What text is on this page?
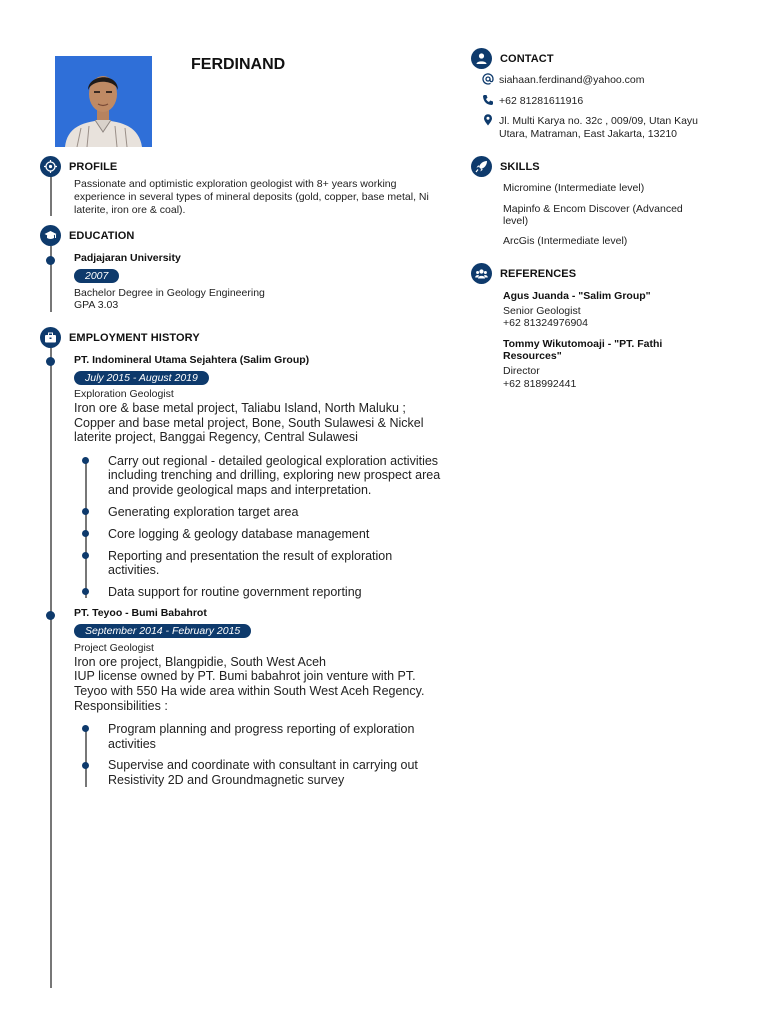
FERDINAND
PROFILE
Passionate and optimistic exploration geologist with 8+ years working
experience in several types of mineral deposits (gold, copper, base metal, Ni
laterite, iron ore & coal).
EDUCATION
Padjajaran University
2007
Bachelor Degree in Geology Engineering
GPA 3.03
EMPLOYMENT HISTORY
PT. Indomineral Utama Sejahtera (Salim Group)
July 2015 - August 2019
Exploration Geologist
Iron ore & base metal project, Taliabu Island, North Maluku ;
Copper and base metal project, Bone, South Sulawesi & Nickel
laterite project, Banggai Regency, Central Sulawesi
Carry out regional - detailed geological exploration activities
including trenching and drilling, exploring new prospect area
and provide geological maps and interpretation.
Generating exploration target area
Core logging & geology database management
Reporting and presentation the result of exploration
activities.
Data support for routine government reporting
PT. Teyoo - Bumi Babahrot
September 2014 - February 2015
Project Geologist
Iron ore project, Blangpidie, South West Aceh
IUP license owned by PT. Bumi babahrot join venture with PT.
Teyoo with 550 Ha wide area within South West Aceh Regency.
Responsibilities :
Program planning and progress reporting of exploration
activities
Supervise and coordinate with consultant in carrying out
Resistivity 2D and Groundmagnetic survey
CONTACT
siahaan.ferdinand@yahoo.com
+62 81281611916
Jl. Multi Karya no. 32c , 009/09, Utan Kayu
Utara, Matraman, East Jakarta, 13210
SKILLS
Micromine (Intermediate level)
Mapinfo & Encom Discover (Advanced
level)
ArcGis (Intermediate level)
REFERENCES
Agus Juanda - "Salim Group"
Senior Geologist
+62 81324976904
Tommy Wikutomoaji - "PT. Fathi
Resources"
Director
+62 818992441
